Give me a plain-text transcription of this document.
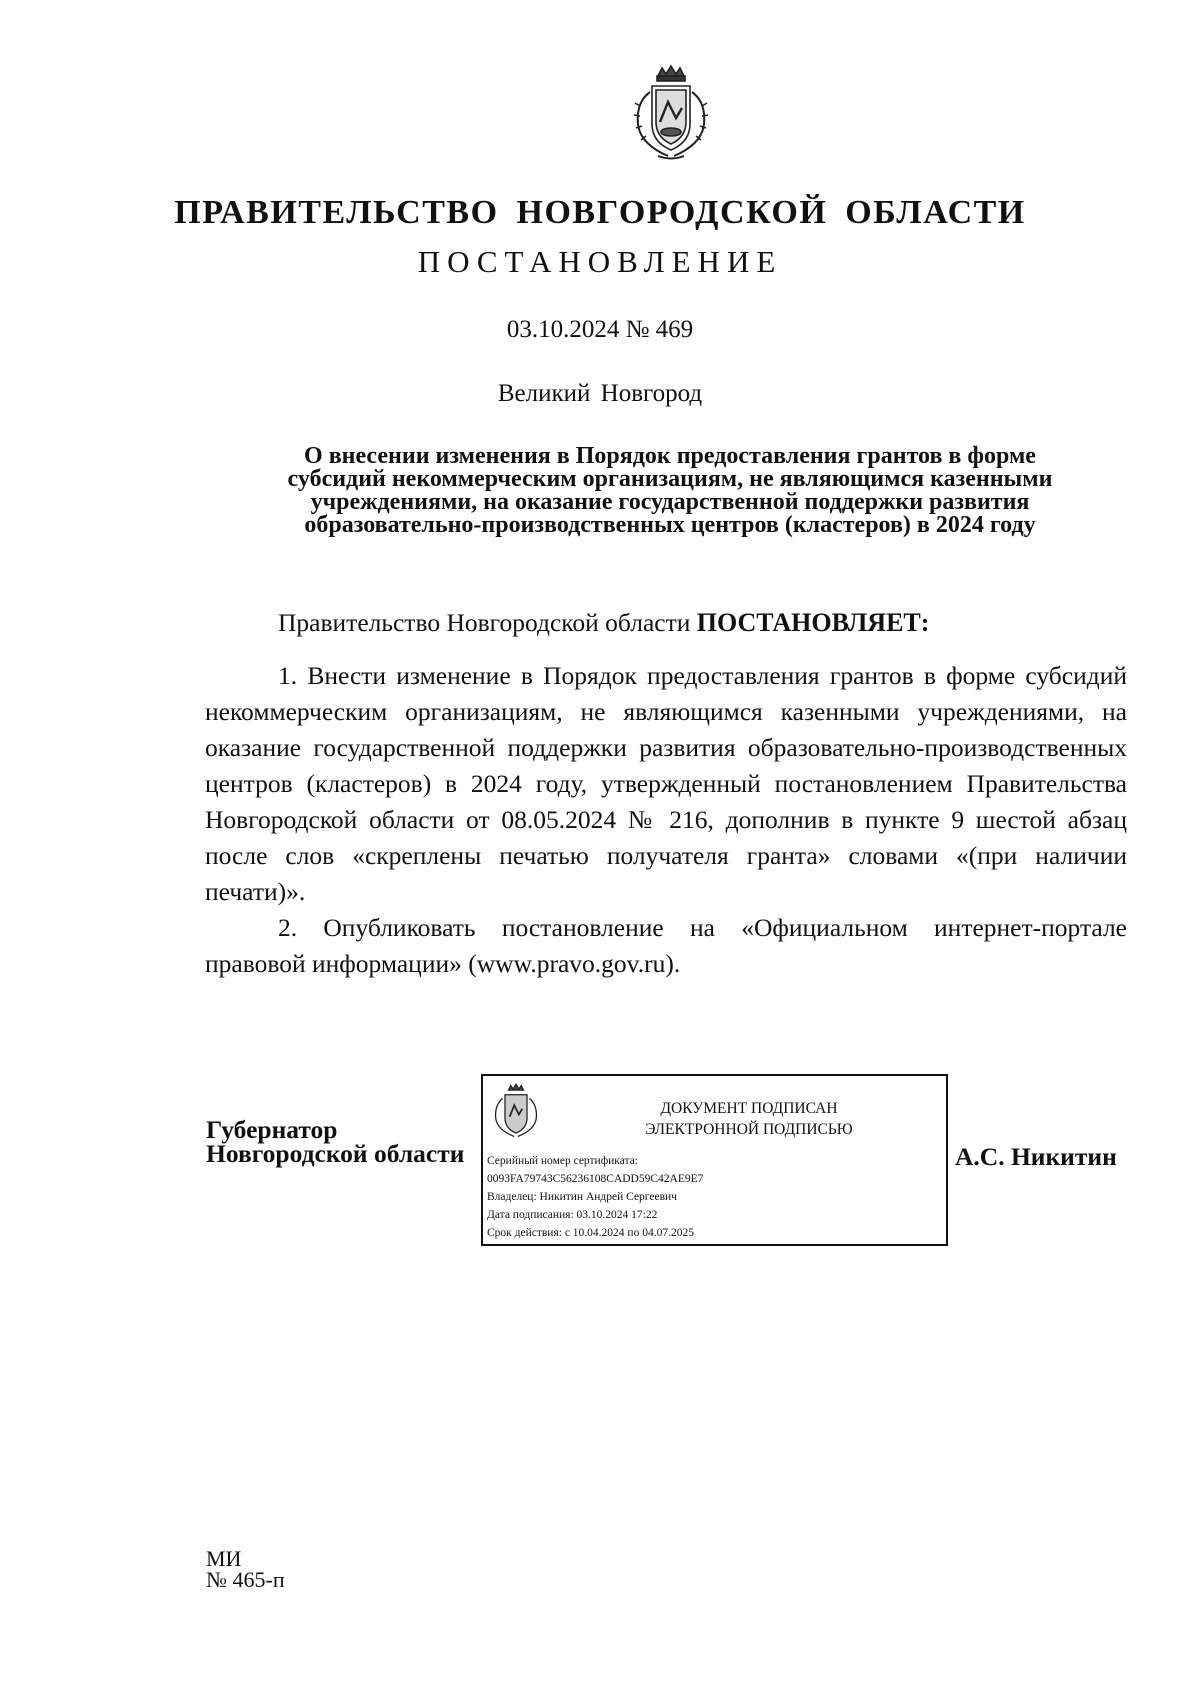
ПРАВИТЕЛЬСТВО НОВГОРОДСКОЙ ОБЛАСТИ
ПОСТАНОВЛЕНИЕ
03.10.2024 № 469
Великий Новгород
О внесении изменения в Порядок предоставления грантов в форме
субсидий некоммерческим организациям, не являющимся казенными
учреждениями, на оказание государственной поддержки развития
образовательно-производственных центров (кластеров) в 2024 году
Правительство Новгородской области ПОСТАНОВЛЯЕТ:

1. Внести изменение в Порядок предоставления грантов в форме субсидий некоммерческим организациям, не являющимся казенными учреждениями, на оказание государственной поддержки развития образовательно-производственных центров (кластеров) в 2024 году, утвержденный постановлением Правительства Новгородской области от 08.05.2024 № 216, дополнив в пункте 9 шестой абзац после слов «скреплены печатью получателя гранта» словами «(при наличии печати)».

2. Опубликовать постановление на «Официальном интернет-портале правовой информации» (www.pravo.gov.ru).

Губернатор
Новгородской области
ДОКУМЕНТ ПОДПИСАН
ЭЛЕКТРОННОЙ ПОДПИСЬЮ
Серийный номер сертификата:
0093FA79743C56236108CADD59C42AE9E7
Владелец: Никитин Андрей Сергеевич
Дата подписания: 03.10.2024 17:22
Срок действия: с 10.04.2024 по 04.07.2025
А.С. Никитин
МИ
№ 465-п
